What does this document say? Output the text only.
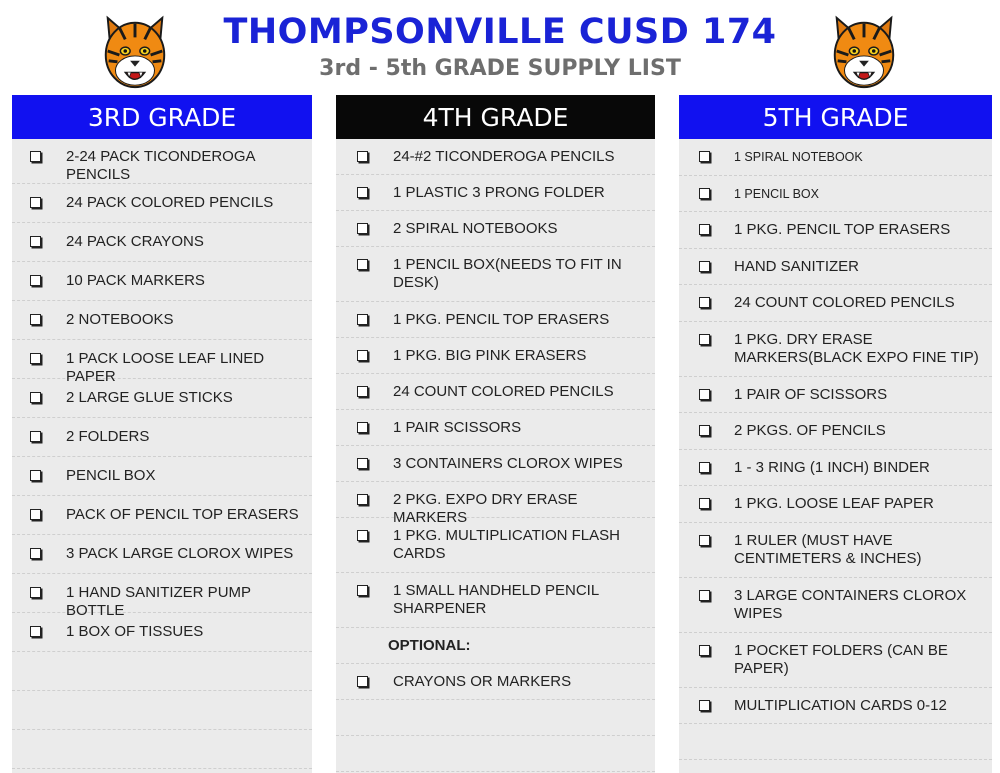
THOMPSONVILLE CUSD 174
3rd - 5th GRADE SUPPLY LIST
3RD GRADE
2-24 PACK TICONDEROGA PENCILS
24 PACK COLORED PENCILS
24 PACK CRAYONS
10 PACK MARKERS
2 NOTEBOOKS
1 PACK LOOSE LEAF LINED PAPER
2 LARGE GLUE STICKS
2 FOLDERS
PENCIL BOX
PACK OF PENCIL TOP ERASERS
3 PACK LARGE CLOROX WIPES
1 HAND SANITIZER PUMP BOTTLE
1 BOX OF TISSUES
4TH GRADE
24-#2 TICONDEROGA PENCILS
1 PLASTIC 3 PRONG FOLDER
2 SPIRAL NOTEBOOKS
1 PENCIL BOX(NEEDS TO FIT IN DESK)
1 PKG. PENCIL TOP ERASERS
1 PKG. BIG PINK ERASERS
24 COUNT COLORED PENCILS
1 PAIR SCISSORS
3 CONTAINERS CLOROX WIPES
2 PKG. EXPO DRY ERASE MARKERS
1 PKG. MULTIPLICATION FLASH CARDS
1 SMALL HANDHELD PENCIL SHARPENER
OPTIONAL:
CRAYONS OR MARKERS
5TH GRADE
1 SPIRAL NOTEBOOK
1 PENCIL BOX
1 PKG. PENCIL TOP ERASERS
HAND SANITIZER
24 COUNT COLORED PENCILS
1 PKG. DRY ERASE MARKERS(BLACK EXPO FINE TIP)
1 PAIR OF SCISSORS
2 PKGS. OF PENCILS
1 - 3 RING (1 INCH) BINDER
1 PKG. LOOSE LEAF PAPER
1 RULER (MUST HAVE CENTIMETERS & INCHES)
3 LARGE CONTAINERS CLOROX WIPES
1 POCKET FOLDERS (CAN BE PAPER)
MULTIPLICATION CARDS 0-12
